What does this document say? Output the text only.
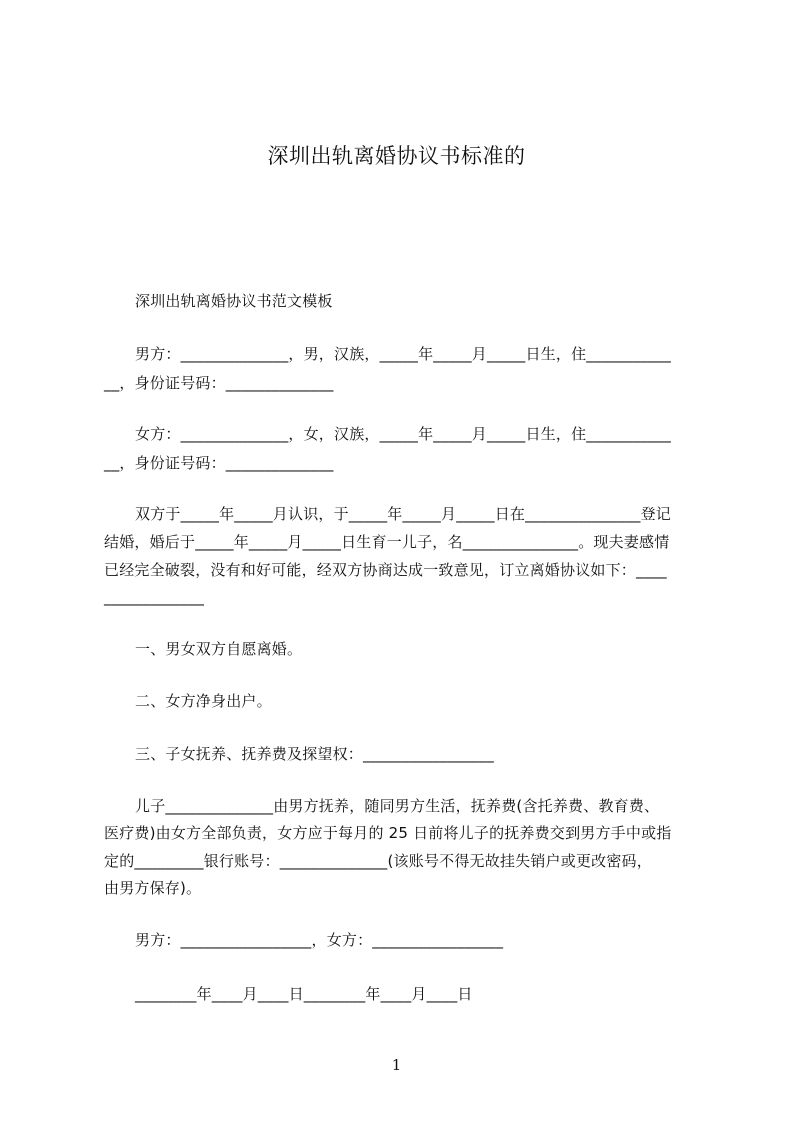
深圳出轨离婚协议书标准的
深圳出轨离婚协议书范文模板
男方：______________，男，汉族，_____年_____月_____日生，住___________
__，身份证号码：______________
女方：______________，女，汉族，_____年_____月_____日生，住___________
__，身份证号码：______________
双方于_____年_____月认识，于_____年_____月_____日在_______________登记
结婚，婚后于_____年_____月_____日生育一儿子，名_______________。现夫妻感情
已经完全破裂，没有和好可能，经双方协商达成一致意见，订立离婚协议如下：____
_____________
一、男女双方自愿离婚。
二、女方净身出户。
三、子女抚养、抚养费及探望权：_________________
儿子______________由男方抚养，随同男方生活，抚养费(含托养费、教育费、
医疗费)由女方全部负责，女方应于每月的 25 日前将儿子的抚养费交到男方手中或指
定的_________银行账号：______________(该账号不得无故挂失销户或更改密码，
由男方保存)。
男方：_________________，女方：_________________
________年____月____日________年____月____日
1
